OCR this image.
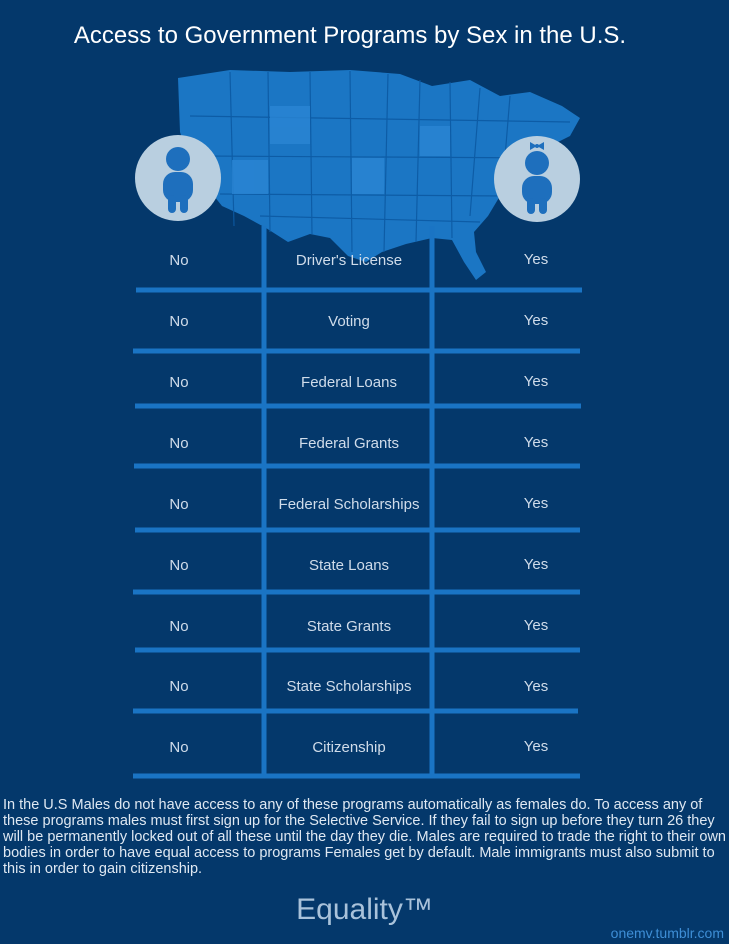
Access to Government Programs by Sex in the U.S.
No	Driver's License	Yes
No	Voting	Yes
No	Federal Loans	Yes
No	Federal Grants	Yes
No	Federal Scholarships	Yes
No	State Loans	Yes
No	State Grants	Yes
No	State Scholarships	Yes
No	Citizenship	Yes
In the U.S Males do not have access to any of these programs automatically as females do. To access any of these programs males must first sign up for the Selective Service. If they fail to sign up before they turn 26 they will be permanently locked out of all these until the day they die. Males are required to trade the right to their own bodies in order to have equal access to programs Females get by default. Male immigrants must also submit to this in order to gain citizenship.
Equality™
onemv.tumblr.com
